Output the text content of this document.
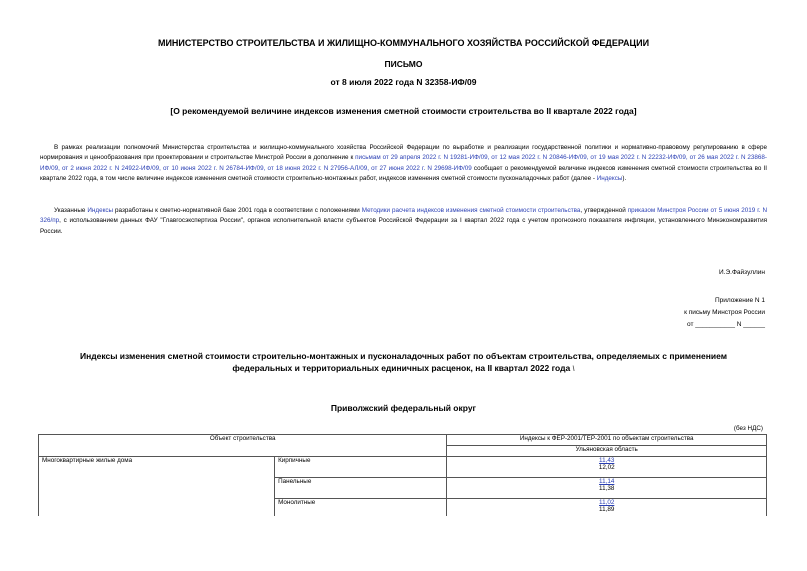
МИНИСТЕРСТВО СТРОИТЕЛЬСТВА И ЖИЛИЩНО-КОММУНАЛЬНОГО ХОЗЯЙСТВА РОССИЙСКОЙ ФЕДЕРАЦИИ
ПИСЬМО
от 8 июля 2022 года N 32358-ИФ/09
[О рекомендуемой величине индексов изменения сметной стоимости строительства во II квартале 2022 года]
В рамках реализации полномочий Министерства строительства и жилищно-коммунального хозяйства Российской Федерации по выработке и реализации государственной политики и нормативно-правовому регулированию в сфере нормирования и ценообразования при проектировании и строительстве Минстрой России в дополнение к письмам от 29 апреля 2022 г. N 19281-ИФ/09, от 12 мая 2022 г. N 20846-ИФ/09, от 19 мая 2022 г. N 22232-ИФ/09, от 26 мая 2022 г. N 23868-ИФ/09, от 2 июня 2022 г. N 24922-ИФ/09, от 10 июня 2022 г. N 26784-ИФ/09, от 18 июня 2022 г. N 27956-АЛ/09, от 27 июня 2022 г. N 29698-ИФ/09 сообщает о рекомендуемой величине индексов изменения сметной стоимости строительства во II квартале 2022 года, в том числе величине индексов изменения сметной стоимости строительно-монтажных работ, индексов изменения сметной стоимости пусконаладочных работ (далее - Индексы).
Указанные Индексы разработаны к сметно-нормативной базе 2001 года в соответствии с положениями Методики расчета индексов изменения сметной стоимости строительства, утвержденной приказом Минстроя России от 5 июня 2019 г. N 326/пр, с использованием данных ФАУ "Главгосэкспертиза России", органов исполнительной власти субъектов Российской Федерации за I квартал 2022 года с учетом прогнозного показателя инфляции, установленного Минэкономразвития России.
И.Э.Файзуллин
Приложение N 1
к письму Минстроя России
от ___________ N ______
Индексы изменения сметной стоимости строительно-монтажных и пусконаладочных работ по объектам строительства, определяемых с применением федеральных и территориальных единичных расценок, на II квартал 2022 года \
Приволжский федеральный округ
(без НДС)
Объект строительства		Индексы к ФЕР-2001/ТЕР-2001 по объектам строительства
		Ульяновская область
Многоквартирные жилые дома	Кирпичные	11,43
12,02

	Панельные	11,14
11,38

	Монолитные	11,02
11,89
